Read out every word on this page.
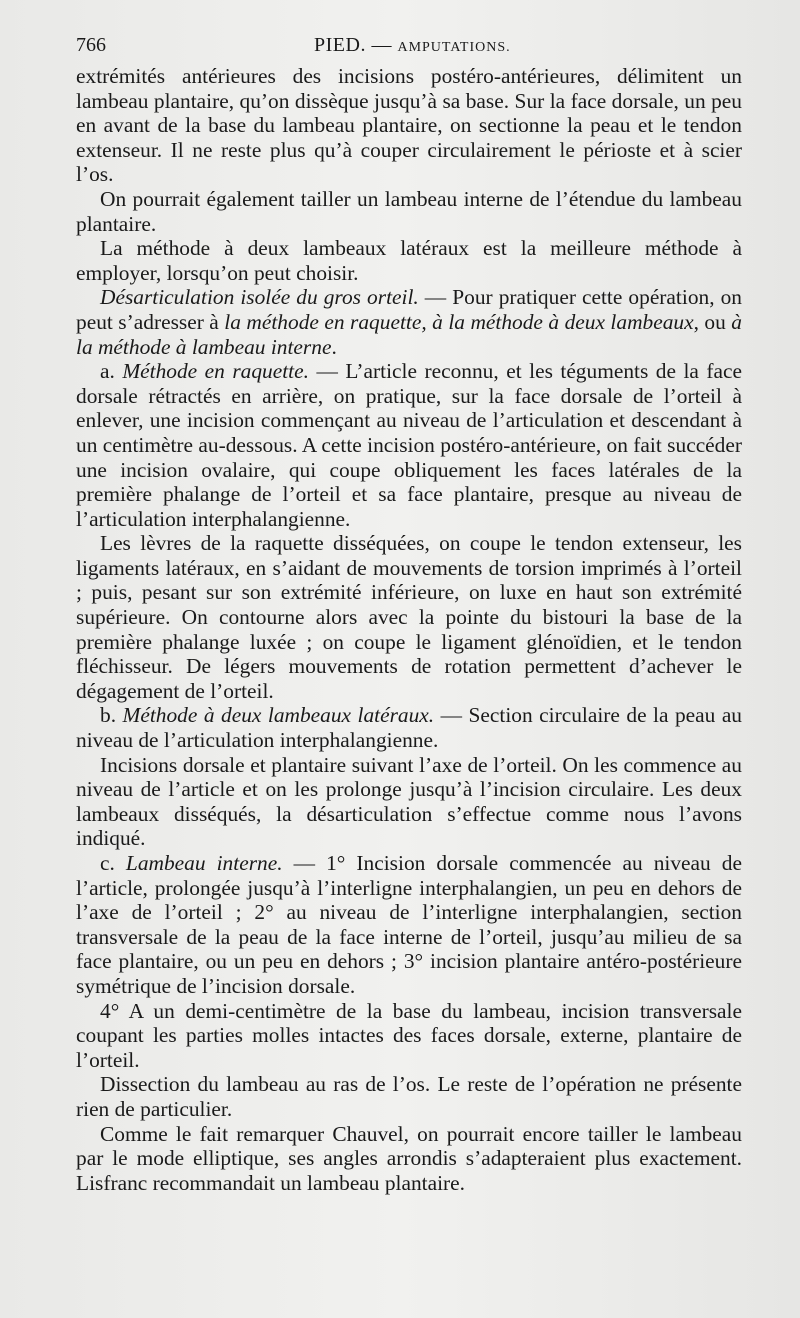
766	PIED. — AMPUTATIONS.

extrémités antérieures des incisions postéro-antérieures, délimitent un lambeau plantaire, qu’on dissèque jusqu’à sa base. Sur la face dorsale, un peu en avant de la base du lambeau plantaire, on sectionne la peau et le tendon extenseur. Il ne reste plus qu’à couper circulairement le périoste et à scier l’os.

On pourrait également tailler un lambeau interne de l’étendue du lambeau plantaire.

La méthode à deux lambeaux latéraux est la meilleure méthode à employer, lorsqu’on peut choisir.

Désarticulation isolée du gros orteil. — Pour pratiquer cette opération, on peut s’adresser à la méthode en raquette, à la méthode à deux lambeaux, ou à la méthode à lambeau interne.

a. Méthode en raquette. — L’article reconnu, et les téguments de la face dorsale rétractés en arrière, on pratique, sur la face dorsale de l’orteil à enlever, une incision commençant au niveau de l’articulation et descendant à un centimètre au-dessous. A cette incision postéro-antérieure, on fait succéder une incision ovalaire, qui coupe obliquement les faces latérales de la première phalange de l’orteil et sa face plantaire, presque au niveau de l’articulation interphalangienne.

Les lèvres de la raquette disséquées, on coupe le tendon extenseur, les ligaments latéraux, en s’aidant de mouvements de torsion imprimés à l’orteil ; puis, pesant sur son extrémité inférieure, on luxe en haut son extrémité supérieure. On contourne alors avec la pointe du bistouri la base de la première phalange luxée ; on coupe le ligament glénoïdien, et le tendon fléchisseur. De légers mouvements de rotation permettent d’achever le dégagement de l’orteil.

b. Méthode à deux lambeaux latéraux. — Section circulaire de la peau au niveau de l’articulation interphalangienne.

Incisions dorsale et plantaire suivant l’axe de l’orteil. On les commence au niveau de l’article et on les prolonge jusqu’à l’incision circulaire. Les deux lambeaux disséqués, la désarticulation s’effectue comme nous l’avons indiqué.

c. Lambeau interne. — 1° Incision dorsale commencée au niveau de l’article, prolongée jusqu’à l’interligne interphalangien, un peu en dehors de l’axe de l’orteil ; 2° au niveau de l’interligne interphalangien, section transversale de la peau de la face interne de l’orteil, jusqu’au milieu de sa face plantaire, ou un peu en dehors ; 3° incision plantaire antéro-postérieure symétrique de l’incision dorsale.

4° A un demi-centimètre de la base du lambeau, incision transversale coupant les parties molles intactes des faces dorsale, externe, plantaire de l’orteil.

Dissection du lambeau au ras de l’os. Le reste de l’opération ne présente rien de particulier.

Comme le fait remarquer Chauvel, on pourrait encore tailler le lambeau par le mode elliptique, ses angles arrondis s’adapteraient plus exactement. Lisfranc recommandait un lambeau plantaire.
